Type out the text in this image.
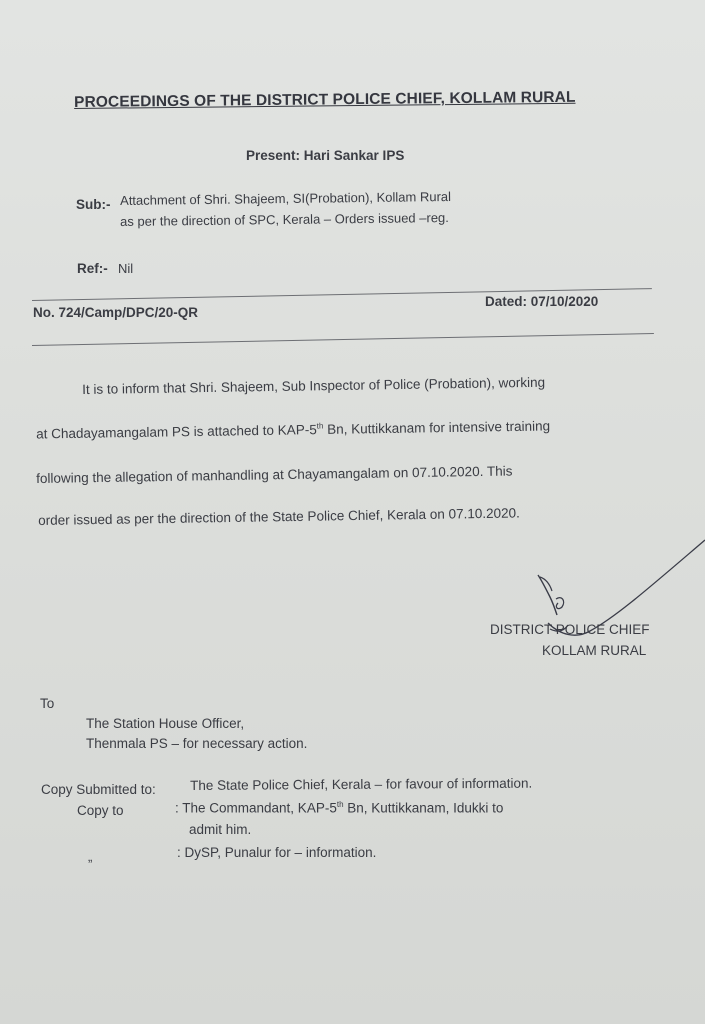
PROCEEDINGS OF THE DISTRICT POLICE CHIEF, KOLLAM RURAL
Present: Hari Sankar IPS
Sub:- Attachment of Shri. Shajeem, SI(Probation), Kollam Rural
as per the direction of SPC, Kerala – Orders issued –reg.
Ref:- Nil
Dated: 07/10/2020
No. 724/Camp/DPC/20-QR
It is to inform that Shri. Shajeem, Sub Inspector of Police (Probation), working
at Chadayamangalam PS is attached to KAP-5th Bn, Kuttikkanam for intensive training
following the allegation of manhandling at Chayamangalam on 07.10.2020. This
order issued as per the direction of the State Police Chief, Kerala on 07.10.2020.
DISTRICT POLICE CHIEF
KOLLAM RURAL
To
The Station House Officer,
Thenmala PS – for necessary action.
Copy Submitted to:	The State Police Chief, Kerala – for favour of information.
Copy to	: The Commandant, KAP-5th Bn, Kuttikkanam, Idukki to
admit him.
„	: DySP, Punalur for – information.
